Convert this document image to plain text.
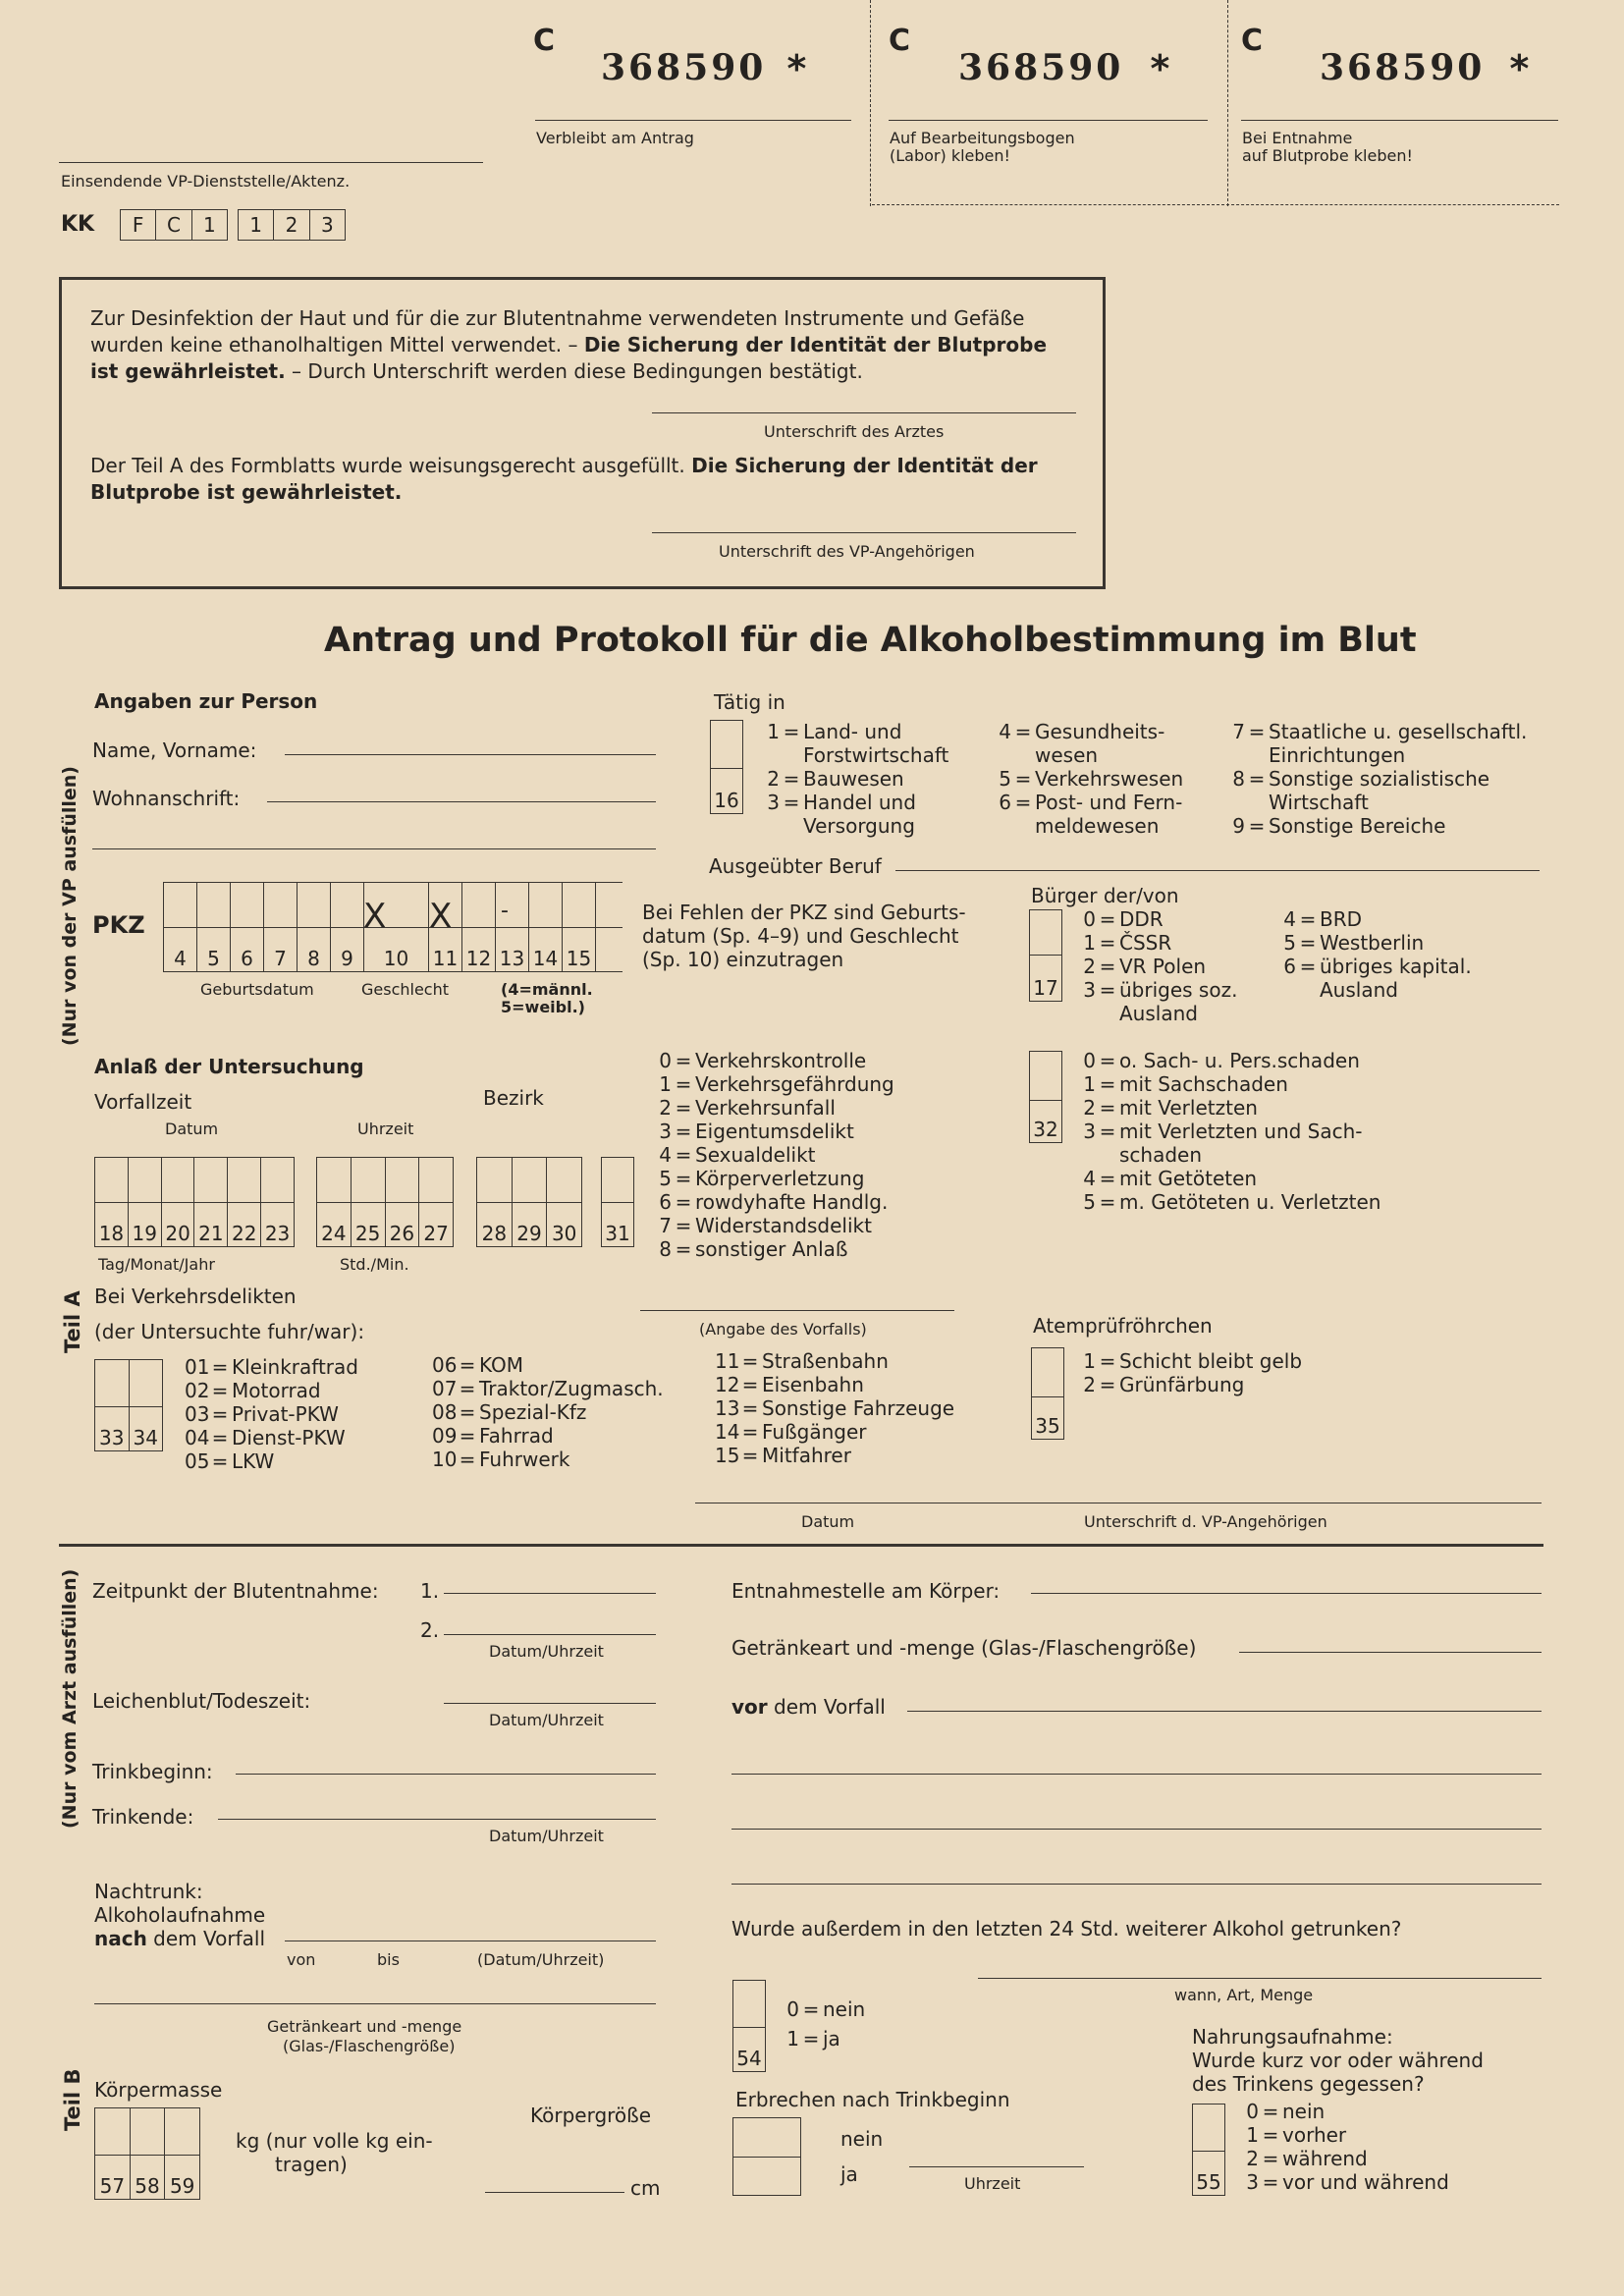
C
368590 *
Verbleibt am Antrag
C
368590 *
Auf Bearbeitungsbogen
(Labor) kleben!
C
368590 *
Bei Entnahme
auf Blutprobe kleben!
Einsendende VP-Dienststelle/Aktenz.
KK	F	C	1	1	2	3
Zur Desinfektion der Haut und für die zur Blutentnahme verwendeten Instrumente und Gefäße
wurden keine ethanolhaltigen Mittel verwendet. – Die Sicherung der Identität der Blutprobe
ist gewährleistet. – Durch Unterschrift werden diese Bedingungen bestätigt.
Unterschrift des Arztes
Der Teil A des Formblatts wurde weisungsgerecht ausgefüllt. Die Sicherung der Identität der
Blutprobe ist gewährleistet.
Unterschrift des VP-Angehörigen
Antrag und Protokoll für die Alkoholbestimmung im Blut
(Nur von der VP ausfüllen)
Teil A
(Nur vom Arzt ausfüllen)
Teil B
Angaben zur Person
Name, Vorname:
Wohnanschrift:
Tätig in
16
1 = Land- und
Forstwirtschaft
2 = Bauwesen
3 = Handel und
Versorgung
4 = Gesundheits-
wesen
5 = Verkehrswesen
6 = Post- und Fern-
meldewesen
7 = Staatliche u. gesellschaftl.
Einrichtungen
8 = Sonstige sozialistische
Wirtschaft
9 = Sonstige Bereiche
Ausgeübter Beruf
PKZ
4	5	6	7	8	9	10	11 12 13 14 15
X X -
Geburtsdatum	Geschlecht	(4=männl.
5=weibl.)
Bei Fehlen der PKZ sind Geburts-
datum (Sp. 4–9) und Geschlecht
(Sp. 10) einzutragen
Bürger der/von
17
0 = DDR
1 = ČSSR
2 = VR Polen
3 = übriges soz.
Ausland
4 = BRD
5 = Westberlin
6 = übriges kapital.
Ausland
Anlaß der Untersuchung
Vorfallzeit	Bezirk
Datum	Uhrzeit
18 19 20 21 22 23 24 25 26 27 28 29 30 31
Tag/Monat/Jahr	Std./Min.
0 = Verkehrskontrolle
1 = Verkehrsgefährdung
2 = Verkehrsunfall
3 = Eigentumsdelikt
4 = Sexualdelikt
5 = Körperverletzung
6 = rowdyhafte Handlg.
7 = Widerstandsdelikt
8 = sonstiger Anlaß
32
0 = o. Sach- u. Pers.schaden
1 = mit Sachschaden
2 = mit Verletzten
3 = mit Verletzten und Sach-
schaden
4 = mit Getöteten
5 = m. Getöteten u. Verletzten
Bei Verkehrsdelikten
(der Untersuchte fuhr/war):	(Angabe des Vorfalls)
33 34
01 = Kleinkraftrad
02 = Motorrad
03 = Privat-PKW
04 = Dienst-PKW
05 = LKW
06 = KOM
07 = Traktor/Zugmasch.
08 = Spezial-Kfz
09 = Fahrrad
10 = Fuhrwerk
11 = Straßenbahn
12 = Eisenbahn
13 = Sonstige Fahrzeuge
14 = Fußgänger
15 = Mitfahrer
Atemprüfröhrchen
35
1 = Schicht bleibt gelb
2 = Grünfärbung
Datum	Unterschrift d. VP-Angehörigen
Zeitpunkt der Blutentnahme: 1.
2.
Datum/Uhrzeit
Leichenblut/Todeszeit:
Datum/Uhrzeit
Trinkbeginn:
Trinkende:
Datum/Uhrzeit
Nachtrunk:
Alkoholaufnahme
nach dem Vorfall
von	bis	(Datum/Uhrzeit)
Getränkeart und -menge
(Glas-/Flaschengröße)
Körpermasse
57 58 59
kg (nur volle kg ein-
tragen)
Körpergröße
cm
Entnahmestelle am Körper:
Getränkeart und -menge (Glas-/Flaschengröße)
vor dem Vorfall
Wurde außerdem in den letzten 24 Std. weiterer Alkohol getrunken?
wann, Art, Menge
54
0 = nein
1 = ja
Erbrechen nach Trinkbeginn
nein
ja	Uhrzeit
Nahrungsaufnahme:
Wurde kurz vor oder während
des Trinkens gegessen?
55
0 = nein
1 = vorher
2 = während
3 = vor und während
